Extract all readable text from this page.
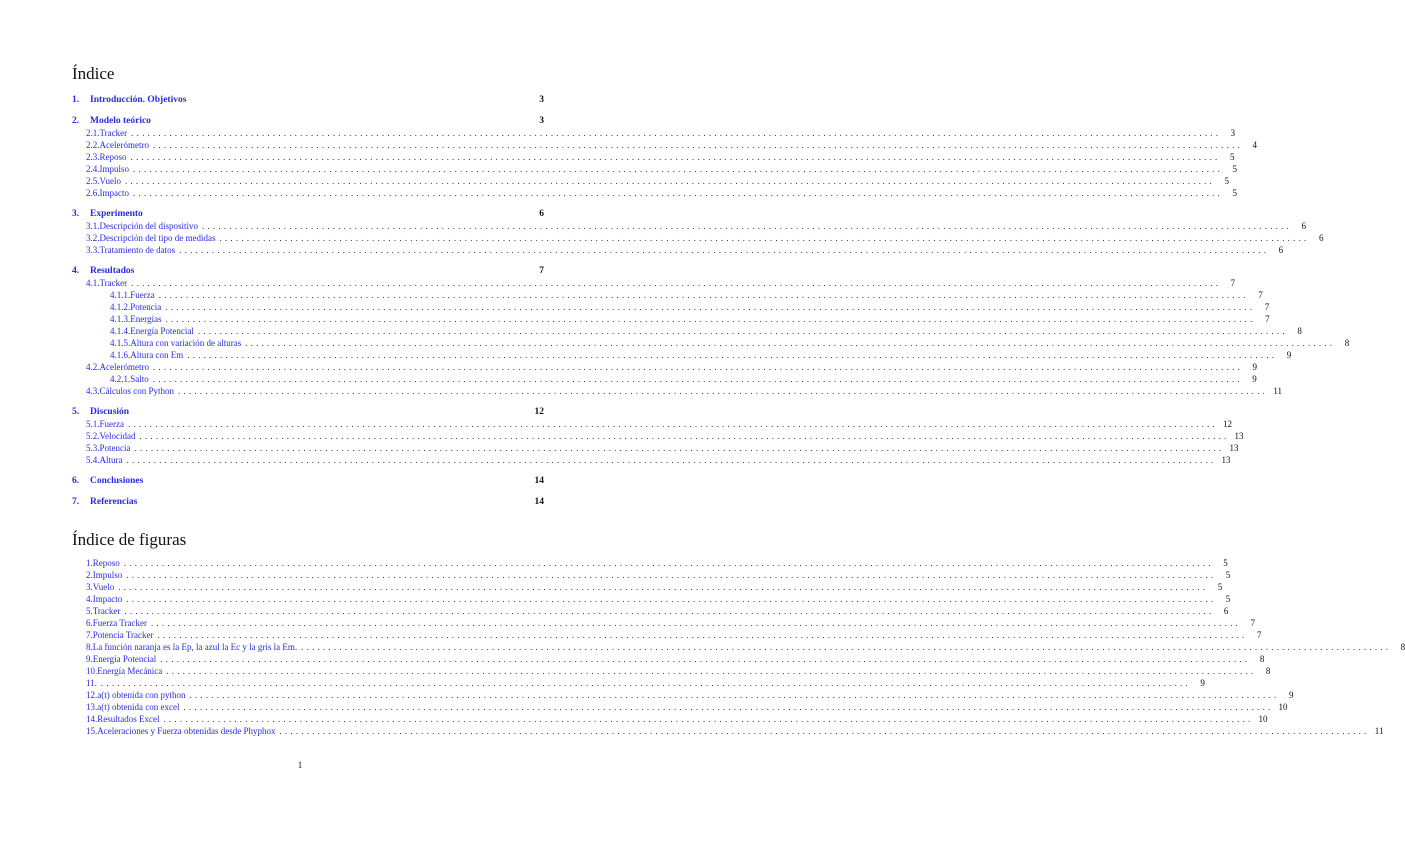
Índice
1.	Introducción. Objetivos	3
2.	Modelo teórico	3
2.1. Tracker ........................................................................................................................................................................................................	3
2.2. Acelerómetro ........................................................................................................................................................................................................	4
2.3. Reposo ........................................................................................................................................................................................................	5
2.4. Impulso ........................................................................................................................................................................................................	5
2.5. Vuelo ........................................................................................................................................................................................................	5
2.6. Impacto ........................................................................................................................................................................................................	5
3.	Experimento	6
3.1. Descripción del dispositivo ........................................................................................................................................................................................................	6
3.2. Descripción del tipo de medidas ........................................................................................................................................................................................................	6
3.3. Tratamiento de datos ........................................................................................................................................................................................................	6
4.	Resultados	7
4.1. Tracker ........................................................................................................................................................................................................	7
4.1.1. Fuerza ........................................................................................................................................................................................................	7
4.1.2. Potencia ........................................................................................................................................................................................................	7
4.1.3. Energías ........................................................................................................................................................................................................	7
4.1.4. Energía Potencial ........................................................................................................................................................................................................	8
4.1.5. Altura con variación de alturas ........................................................................................................................................................................................................	8
4.1.6. Altura con Em ........................................................................................................................................................................................................	9
4.2. Acelerómetro ........................................................................................................................................................................................................	9
4.2.1. Salto ........................................................................................................................................................................................................	9
4.3. Cálculos con Python ........................................................................................................................................................................................................ 11
5.	Discusión	12
5.1. Fuerza ........................................................................................................................................................................................................ 12
5.2. Velocidad ........................................................................................................................................................................................................ 13
5.3. Potencia ........................................................................................................................................................................................................ 13
5.4. Altura ........................................................................................................................................................................................................ 13
6.	Conclusiones	14
7.	Referencias	14
Índice de figuras
1. Reposo ........................................................................................................................................................................................................	5
2. Impulso ........................................................................................................................................................................................................	5
3. Vuelo ........................................................................................................................................................................................................	5
4. Impacto ........................................................................................................................................................................................................	5
5. Tracker ........................................................................................................................................................................................................	6
6. Fuerza Tracker ........................................................................................................................................................................................................	7
7. Potencia Tracker ........................................................................................................................................................................................................	7
8. La función naranja es la Ep, la azul la Ec y la gris la Em. ........................................................................................................................................................................................................	8
9. Energía Potencial ........................................................................................................................................................................................................	8
10. Energía Mecánica ........................................................................................................................................................................................................	8
11. ........................................................................................................................................................................................................	9
12. a(t) obtenida con python ........................................................................................................................................................................................................	9
13. a(t) obtenida con excel ........................................................................................................................................................................................................ 10
14. Resultados Excel ........................................................................................................................................................................................................ 10
15. Aceleraciones y Fuerza obtenidas desde Phyphox ........................................................................................................................................................................................................ 11
1
